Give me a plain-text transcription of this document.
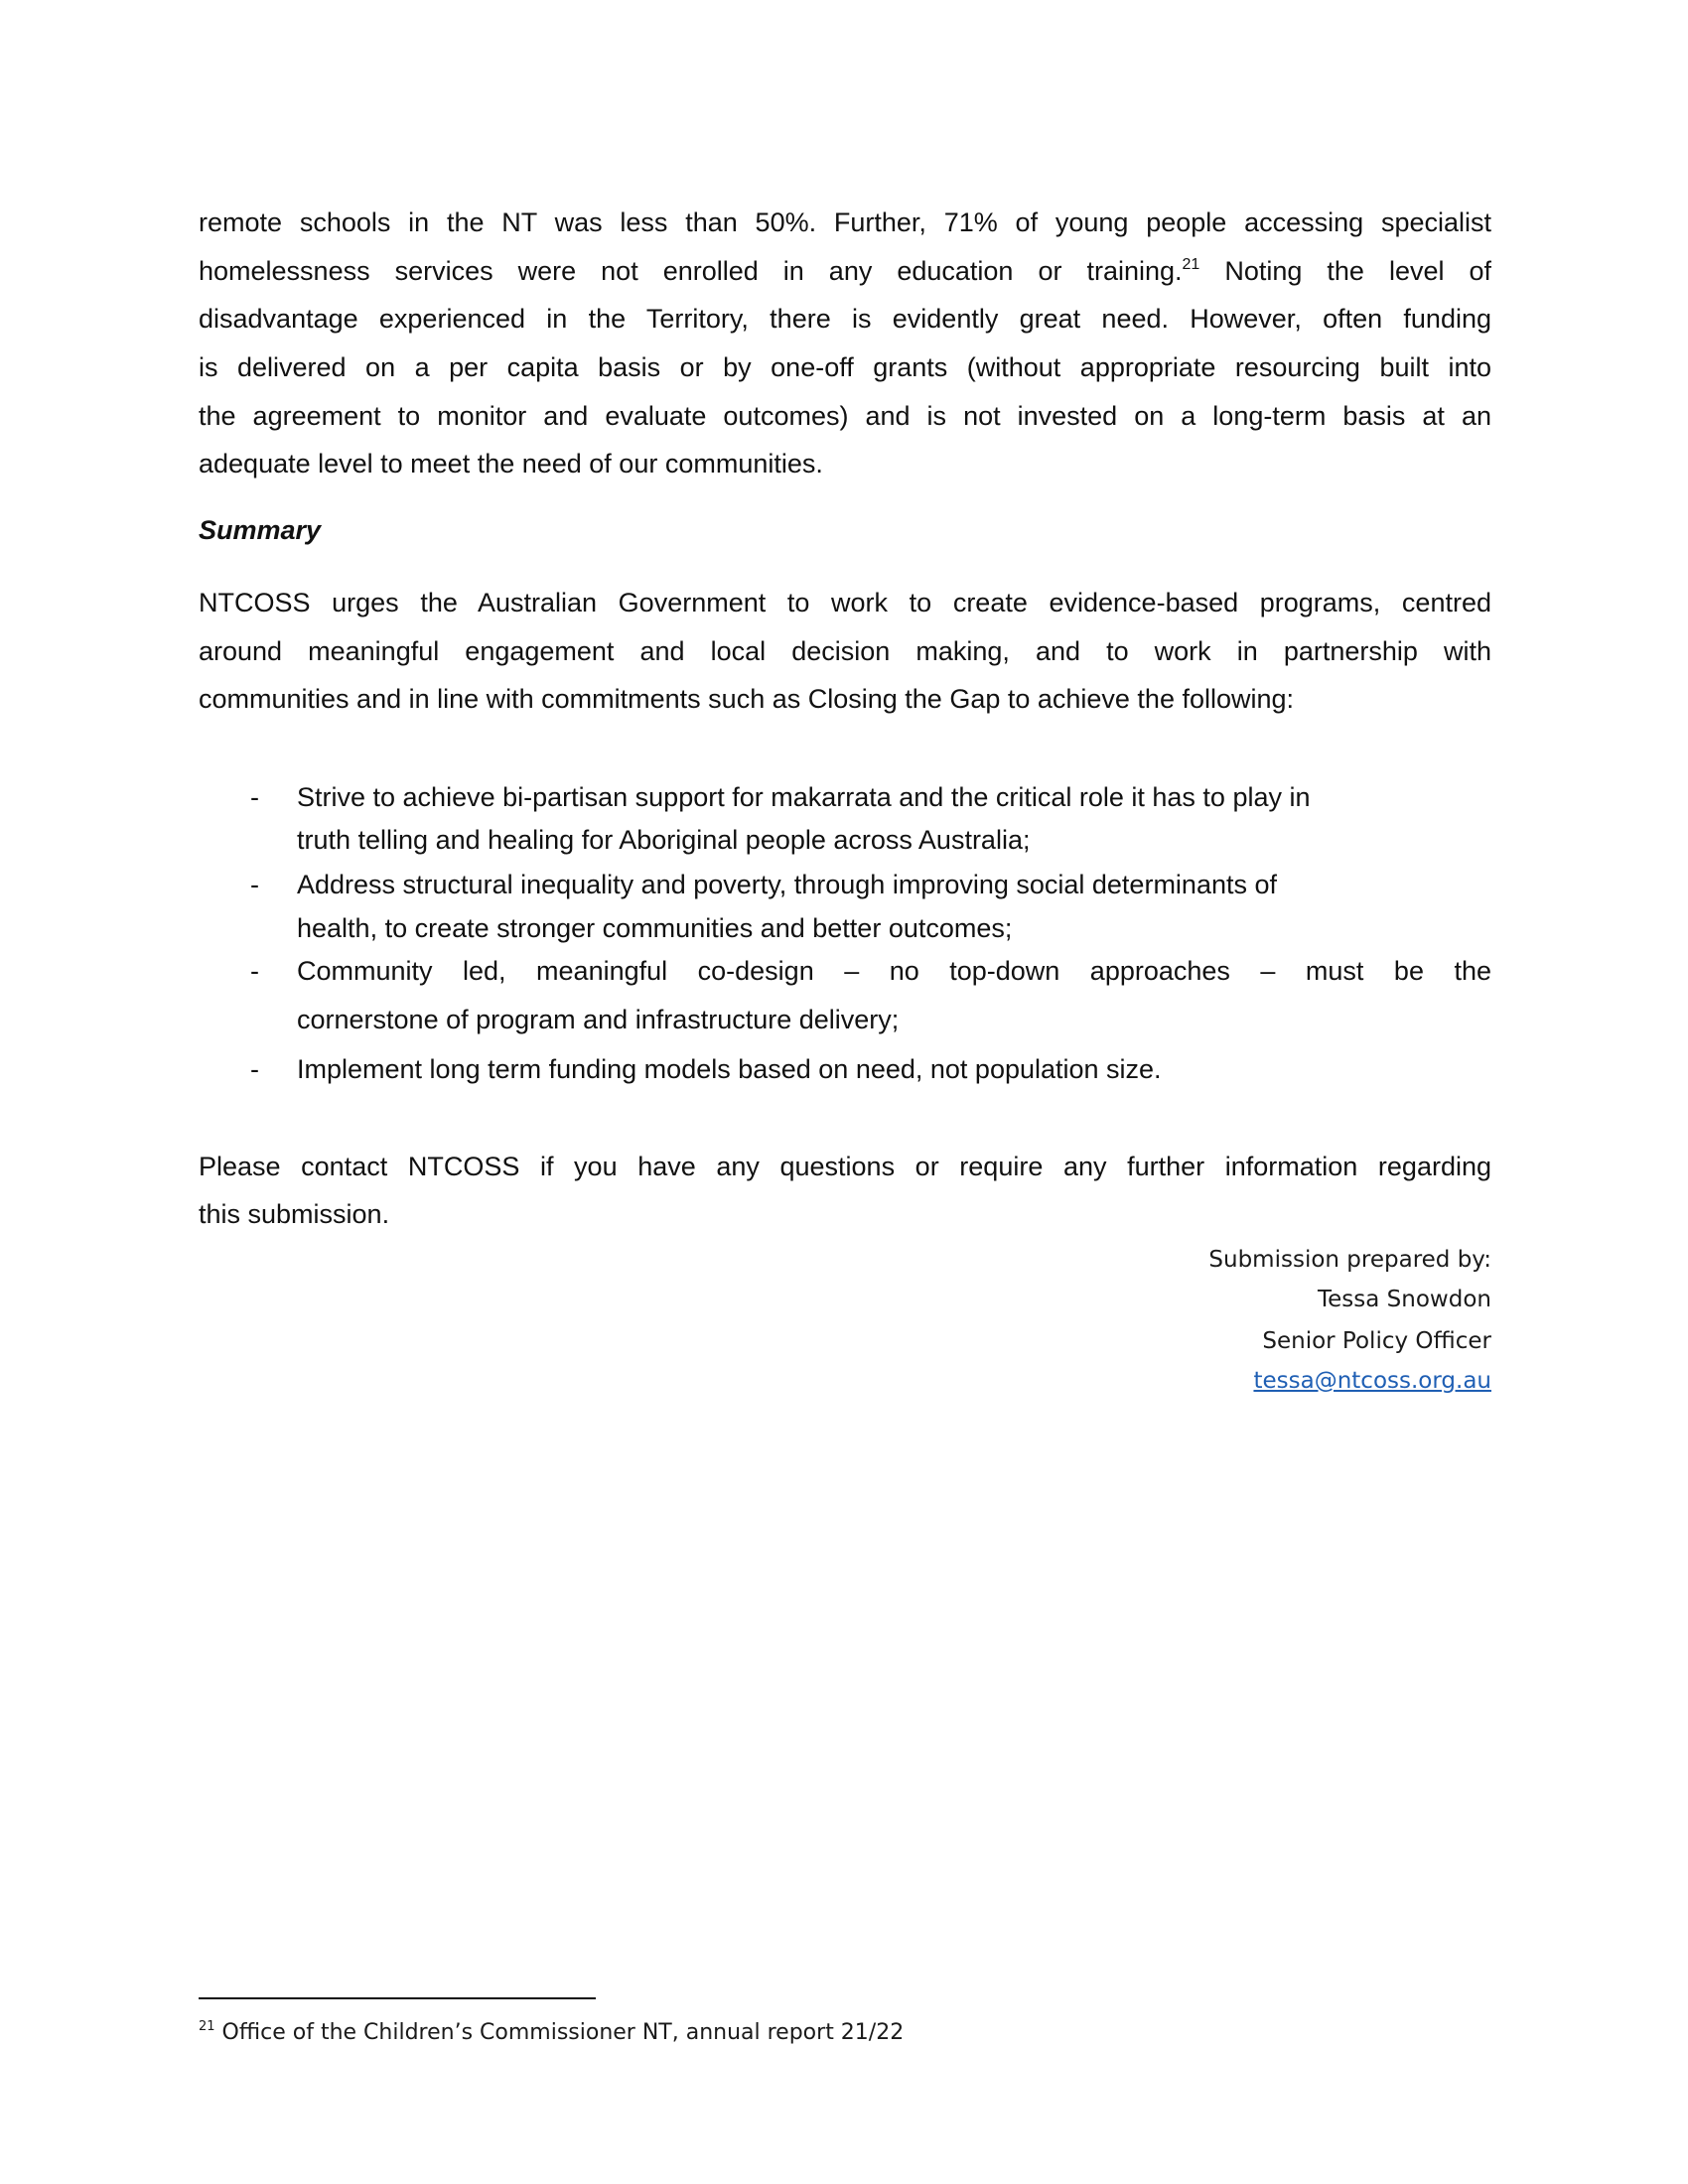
remote schools in the NT was less than 50%. Further, 71% of young people accessing specialist
homelessness services were not enrolled in any education or training.$^{21}$ Noting the level of
disadvantage experienced in the Territory, there is evidently great need. However, often funding
is delivered on a per capita basis or by one-off grants (without appropriate resourcing built into
the agreement to monitor and evaluate outcomes) and is not invested on a long-term basis at an
adequate level to meet the need of our communities.
Summary
NTCOSS urges the Australian Government to work to create evidence-based programs, centred
around meaningful engagement and local decision making, and to work in partnership with
communities and in line with commitments such as Closing the Gap to achieve the following:
-	Strive to achieve bi-partisan support for makarrata and the critical role it has to play in
truth telling and healing for Aboriginal people across Australia;
-	Address structural inequality and poverty, through improving social determinants of
health, to create stronger communities and better outcomes;
-	Community led, meaningful co-design – no top-down approaches – must be the
cornerstone of program and infrastructure delivery;
-	Implement long term funding models based on need, not population size.
Please contact NTCOSS if you have any questions or require any further information regarding
this submission.
Submission prepared by:
Tessa Snowdon
Senior Policy Officer
tessa@ntcoss.org.au
$^{21}$ Office of the Children’s Commissioner NT, annual report 21/22
